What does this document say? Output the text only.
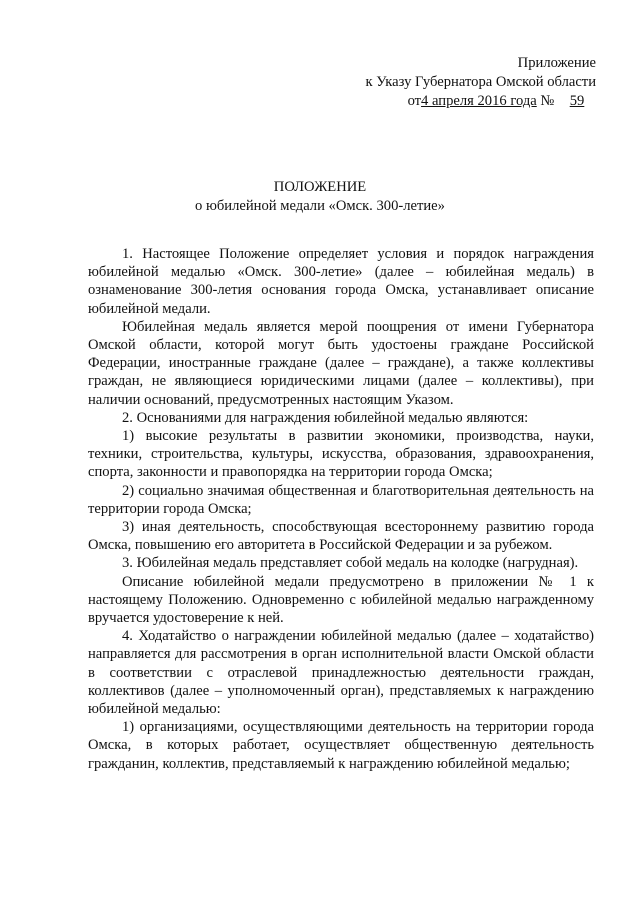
Приложение
к Указу Губернатора Омской области
от4 апреля 2016 года № 59
ПОЛОЖЕНИЕ
о юбилейной медали «Омск. 300-летие»

1. Настоящее Положение определяет условия и порядок награждения юбилейной медалью «Омск. 300-летие» (далее – юбилейная медаль) в ознаменование 300-летия основания города Омска, устанавливает описание юбилейной медали.

Юбилейная медаль является мерой поощрения от имени Губернатора Омской области, которой могут быть удостоены граждане Российской Федерации, иностранные граждане (далее – граждане), а также коллективы граждан, не являющиеся юридическими лицами (далее – коллективы), при наличии оснований, предусмотренных настоящим Указом.

2. Основаниями для награждения юбилейной медалью являются:

1) высокие результаты в развитии экономики, производства, науки, техники, строительства, культуры, искусства, образования, здравоохранения, спорта, законности и правопорядка на территории города Омска;

2) социально значимая общественная и благотворительная деятельность на территории города Омска;

3) иная деятельность, способствующая всестороннему развитию города Омска, повышению его авторитета в Российской Федерации и за рубежом.

3. Юбилейная медаль представляет собой медаль на колодке (нагрудная).

Описание юбилейной медали предусмотрено в приложении № 1 к настоящему Положению. Одновременно с юбилейной медалью награжденному вручается удостоверение к ней.

4. Ходатайство о награждении юбилейной медалью (далее – ходатайство) направляется для рассмотрения в орган исполнительной власти Омской области в соответствии с отраслевой принадлежностью деятельности граждан, коллективов (далее – уполномоченный орган), представляемых к награждению юбилейной медалью:

1) организациями, осуществляющими деятельность на территории города Омска, в которых работает, осуществляет общественную деятельность гражданин, коллектив, представляемый к награждению юбилейной медалью;
